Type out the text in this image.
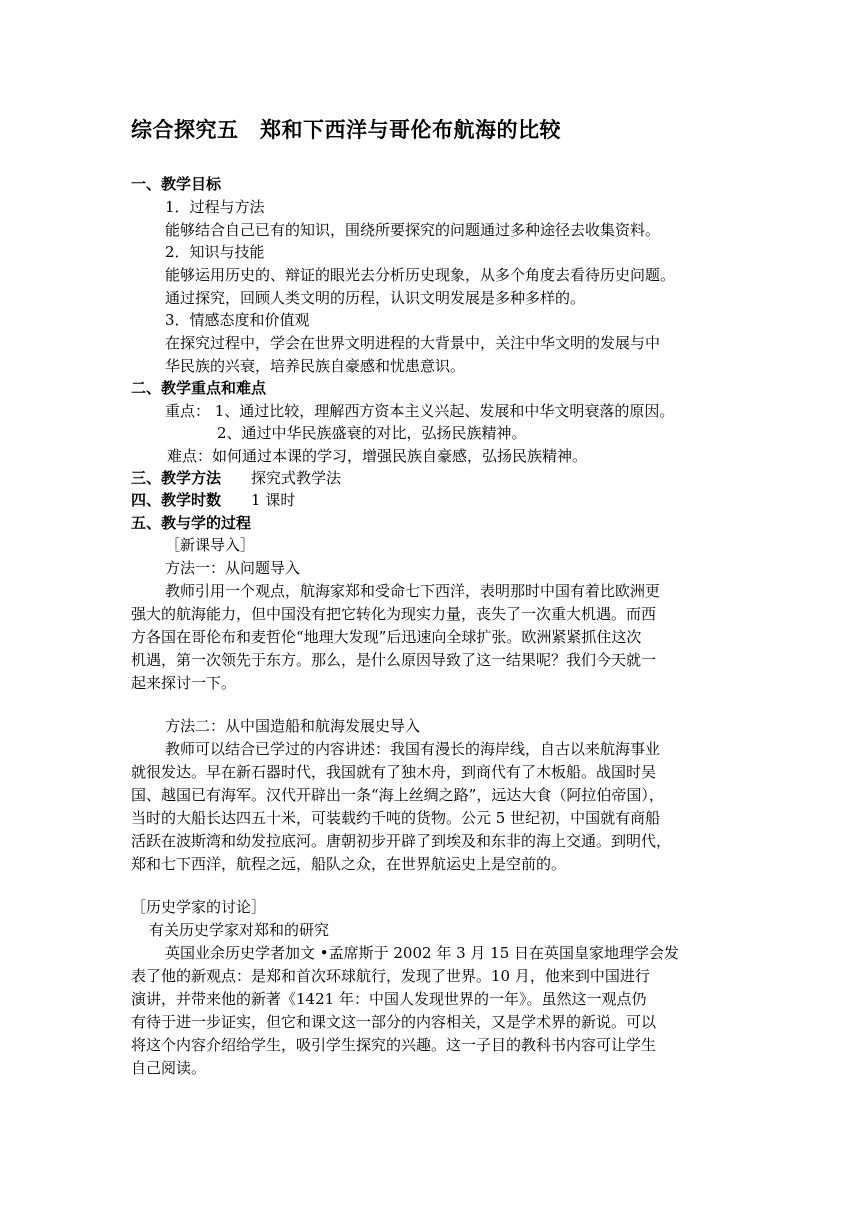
综合探究五　郑和下西洋与哥伦布航海的比较
一、教学目标
1．过程与方法
能够结合自己已有的知识，围绕所要探究的问题通过多种途径去收集资料。
2．知识与技能
能够运用历史的、辩证的眼光去分析历史现象，从多个角度去看待历史问题。
通过探究，回顾人类文明的历程，认识文明发展是多种多样的。
3．情感态度和价值观
在探究过程中，学会在世界文明进程的大背景中，关注中华文明的发展与中
华民族的兴衰，培养民族自豪感和忧患意识。
二、教学重点和难点
重点： 1、通过比较，理解西方资本主义兴起、发展和中华文明衰落的原因。
2、通过中华民族盛衰的对比，弘扬民族精神。
难点：如何通过本课的学习，增强民族自豪感，弘扬民族精神。
三、教学方法 探究式教学法
四、教学时数 1 课时
五、教与学的过程
［新课导入］
方法一：从问题导入
教师引用一个观点，航海家郑和受命七下西洋，表明那时中国有着比欧洲更
强大的航海能力，但中国没有把它转化为现实力量，丧失了一次重大机遇。而西
方各国在哥伦布和麦哲伦“地理大发现”后迅速向全球扩张。欧洲紧紧抓住这次
机遇，第一次领先于东方。那么，是什么原因导致了这一结果呢？我们今天就一
起来探讨一下。
方法二：从中国造船和航海发展史导入
教师可以结合已学过的内容讲述：我国有漫长的海岸线，自古以来航海事业
就很发达。早在新石器时代，我国就有了独木舟，到商代有了木板船。战国时吴
国、越国已有海军。汉代开辟出一条“海上丝绸之路”，远达大食（阿拉伯帝国），
当时的大船长达四五十米，可装载约千吨的货物。公元 5 世纪初，中国就有商船
活跃在波斯湾和幼发拉底河。唐朝初步开辟了到埃及和东非的海上交通。到明代，
郑和七下西洋，航程之远，船队之众，在世界航运史上是空前的。
［历史学家的讨论］
有关历史学家对郑和的研究
英国业余历史学者加文 •孟席斯于 2002 年 3 月 15 日在英国皇家地理学会发
表了他的新观点：是郑和首次环球航行，发现了世界。10 月，他来到中国进行
演讲，并带来他的新著《1421 年：中国人发现世界的一年》。虽然这一观点仍
有待于进一步证实，但它和课文这一部分的内容相关，又是学术界的新说。可以
将这个内容介绍给学生，吸引学生探究的兴趣。这一子目的教科书内容可让学生
自己阅读。
